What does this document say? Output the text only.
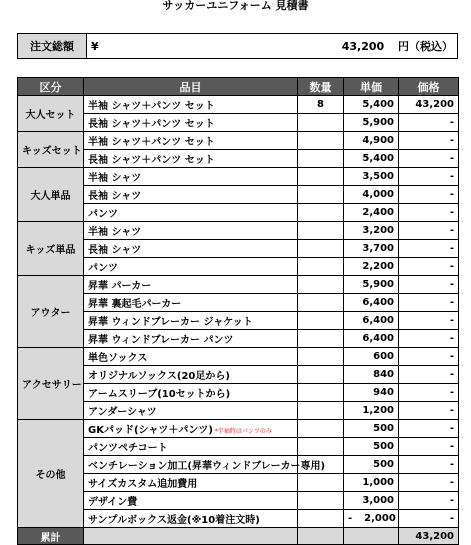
サッカーユニフォーム 見積書
注文総額	¥	43,200 円（税込）
区分	品目	数量	単価	価格
大人セット	半袖 シャツ＋パンツ セット	8	5,400	43,200
	長袖 シャツ＋パンツ セット		5,900	-
キッズセット	半袖 シャツ＋パンツ セット		4,900	-
	長袖 シャツ＋パンツ セット		5,400	-
大人単品	半袖 シャツ		3,500	-
	長袖 シャツ		4,000	-
	パンツ		2,400	-
キッズ単品	半袖 シャツ		3,200	-
	長袖 シャツ		3,700	-
	パンツ		2,200	-
アウター	昇華 パーカー		5,900	-
	昇華 裏起毛パーカー		6,400	-
	昇華 ウィンドブレーカー ジャケット		6,400	-
	昇華 ウィンドブレーカー パンツ		6,400	-
アクセサリー	単色ソックス		600	-
	オリジナルソックス(20足から)		840	-
	アームスリーブ(10セットから)		940	-
	アンダーシャツ		1,200	-
その他	GKパッド(シャツ＋パンツ) *半袖時はパンツのみ		500	-
	パンツペチコート		500	-
	ベンチレーション加工(昇華ウィンドブレーカー専用)		500	-
	サイズカスタム追加費用		1,000	-
	デザイン費		3,000	-
	サンプルボックス返金(※10着注文時)		- 2,000	-
累計				43,200
